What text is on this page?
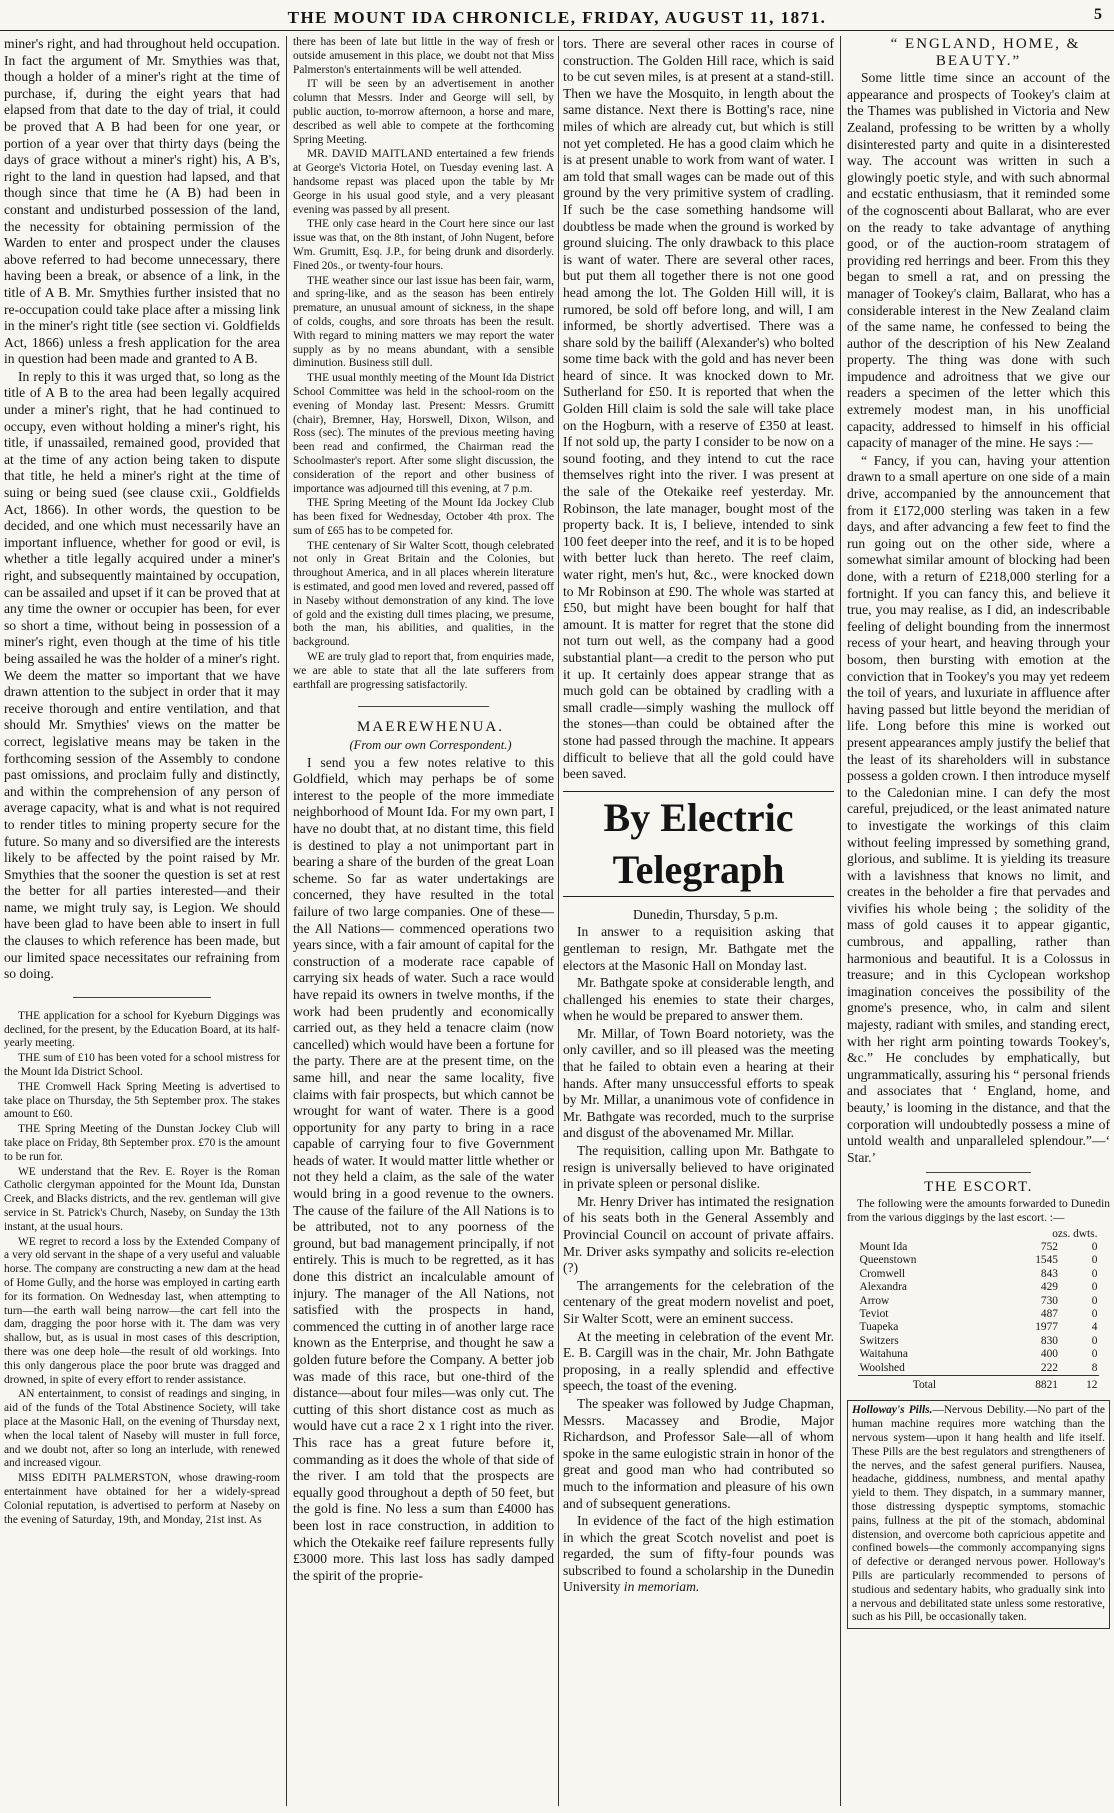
THE MOUNT IDA CHRONICLE, FRIDAY, AUGUST 11, 1871.	5

miner's right, and had throughout held occupation. In fact the argument of Mr. Smythies was that, though a holder of a miner's right at the time of purchase, if, during the eight years that had elapsed from that date to the day of trial, it could be proved that A B had been for one year, or portion of a year over that thirty days (being the days of grace without a miner's right) his, A B's, right to the land in question had lapsed, and that though since that time he (A B) had been in constant and undisturbed possession of the land, the necessity for obtaining permission of the Warden to enter and prospect under the clauses above referred to had become unnecessary, there having been a break, or absence of a link, in the title of A B. Mr. Smythies further insisted that no re-occupation could take place after a missing link in the miner's right title (see section vi. Goldfields Act, 1866) unless a fresh application for the area in question had been made and granted to A B.

In reply to this it was urged that, so long as the title of A B to the area had been legally acquired under a miner's right, that he had continued to occupy, even without holding a miner's right, his title, if unassailed, remained good, provided that at the time of any action being taken to dispute that title, he held a miner's right at the time of suing or being sued (see clause cxii., Goldfields Act, 1866). In other words, the question to be decided, and one which must necessarily have an important influence, whether for good or evil, is whether a title legally acquired under a miner's right, and subsequently maintained by occupation, can be assailed and upset if it can be proved that at any time the owner or occupier has been, for ever so short a time, without being in possession of a miner's right, even though at the time of his title being assailed he was the holder of a miner's right. We deem the matter so important that we have drawn attention to the subject in order that it may receive thorough and entire ventilation, and that should Mr. Smythies' views on the matter be correct, legislative means may be taken in the forthcoming session of the Assembly to condone past omissions, and proclaim fully and distinctly, and within the comprehension of any person of average capacity, what is and what is not required to render titles to mining property secure for the future. So many and so diversified are the interests likely to be affected by the point raised by Mr. Smythies that the sooner the question is set at rest the better for all parties interested—and their name, we might truly say, is Legion. We should have been glad to have been able to insert in full the clauses to which reference has been made, but our limited space necessitates our refraining from so doing.

THE application for a school for Kyeburn Diggings was declined, for the present, by the Education Board, at its half-yearly meeting.

THE sum of £10 has been voted for a school mistress for the Mount Ida District School.

THE Cromwell Hack Spring Meeting is advertised to take place on Thursday, the 5th September prox. The stakes amount to £60.

THE Spring Meeting of the Dunstan Jockey Club will take place on Friday, 8th September prox. £70 is the amount to be run for.

WE understand that the Rev. E. Royer is the Roman Catholic clergyman appointed for the Mount Ida, Dunstan Creek, and Blacks districts, and the rev. gentleman will give service in St. Patrick's Church, Naseby, on Sunday the 13th instant, at the usual hours.

WE regret to record a loss by the Extended Company of a very old servant in the shape of a very useful and valuable horse. The company are constructing a new dam at the head of Home Gully, and the horse was employed in carting earth for its formation. On Wednesday last, when attempting to turn—the earth wall being narrow—the cart fell into the dam, dragging the poor horse with it. The dam was very shallow, but, as is usual in most cases of this description, there was one deep hole—the result of old workings. Into this only dangerous place the poor brute was dragged and drowned, in spite of every effort to render assistance.

AN entertainment, to consist of readings and singing, in aid of the funds of the Total Abstinence Society, will take place at the Masonic Hall, on the evening of Thursday next, when the local talent of Naseby will muster in full force, and we doubt not, after so long an interlude, with renewed and increased vigour.

MISS EDITH PALMERSTON, whose drawing-room entertainment have obtained for her a widely-spread Colonial reputation, is advertised to perform at Naseby on the evening of Saturday, 19th, and Monday, 21st inst. As

there has been of late but little in the way of fresh or outside amusement in this place, we doubt not that Miss Palmerston's entertainments will be well attended.

IT will be seen by an advertisement in another column that Messrs. Inder and George will sell, by public auction, to-morrow afternoon, a horse and mare, described as well able to compete at the forthcoming Spring Meeting.

MR. DAVID MAITLAND entertained a few friends at George's Victoria Hotel, on Tuesday evening last. A handsome repast was placed upon the table by Mr George in his usual good style, and a very pleasant evening was passed by all present.

THE only case heard in the Court here since our last issue was that, on the 8th instant, of John Nugent, before Wm. Grumitt, Esq. J.P., for being drunk and disorderly. Fined 20s., or twenty-four hours.

THE weather since our last issue has been fair, warm, and spring-like, and as the season has been entirely premature, an unusual amount of sickness, in the shape of colds, coughs, and sore throats has been the result. With regard to mining matters we may report the water supply as by no means abundant, with a sensible diminution. Business still dull.

THE usual monthly meeting of the Mount Ida District School Committee was held in the school-room on the evening of Monday last. Present: Messrs. Grumitt (chair), Bremner, Hay, Horswell, Dixon, Wilson, and Ross (sec). The minutes of the previous meeting having been read and confirmed, the Chairman read the Schoolmaster's report. After some slight discussion, the consideration of the report and other business of importance was adjourned till this evening, at 7 p.m.

THE Spring Meeting of the Mount Ida Jockey Club has been fixed for Wednesday, October 4th prox. The sum of £65 has to be competed for.

THE centenary of Sir Walter Scott, though celebrated not only in Great Britain and the Colonies, but throughout America, and in all places wherein literature is estimated, and good men loved and revered, passed off in Naseby without demonstration of any kind. The love of gold and the existing dull times placing, we presume, both the man, his abilities, and qualities, in the background.

WE are truly glad to report that, from enquiries made, we are able to state that all the late sufferers from earthfall are progressing satisfactorily.

MAEREWHENUA.

(From our own Correspondent.)

I send you a few notes relative to this Goldfield, which may perhaps be of some interest to the people of the more immediate neighborhood of Mount Ida. For my own part, I have no doubt that, at no distant time, this field is destined to play a not unimportant part in bearing a share of the burden of the great Loan scheme. So far as water undertakings are concerned, they have resulted in the total failure of two large companies. One of these—the All Nations— commenced operations two years since, with a fair amount of capital for the construction of a moderate race capable of carrying six heads of water. Such a race would have repaid its owners in twelve months, if the work had been prudently and economically carried out, as they held a tenacre claim (now cancelled) which would have been a fortune for the party. There are at the present time, on the same hill, and near the same locality, five claims with fair prospects, but which cannot be wrought for want of water. There is a good opportunity for any party to bring in a race capable of carrying four to five Government heads of water. It would matter little whether or not they held a claim, as the sale of the water would bring in a good revenue to the owners. The cause of the failure of the All Nations is to be attributed, not to any poorness of the ground, but bad management principally, if not entirely. This is much to be regretted, as it has done this district an incalculable amount of injury. The manager of the All Nations, not satisfied with the prospects in hand, commenced the cutting in of another large race known as the Enterprise, and thought he saw a golden future before the Company. A better job was made of this race, but one-third of the distance—about four miles—was only cut. The cutting of this short distance cost as much as would have cut a race 2 x 1 right into the river. This race has a great future before it, commanding as it does the whole of that side of the river. I am told that the prospects are equally good throughout a depth of 50 feet, but the gold is fine. No less a sum than £4000 has been lost in race construction, in addition to which the Otekaike reef failure represents fully £3000 more. This last loss has sadly damped the spirit of the proprie-

tors. There are several other races in course of construction. The Golden Hill race, which is said to be cut seven miles, is at present at a stand-still. Then we have the Mosquito, in length about the same distance. Next there is Botting's race, nine miles of which are already cut, but which is still not yet completed. He has a good claim which he is at present unable to work from want of water. I am told that small wages can be made out of this ground by the very primitive system of cradling. If such be the case something handsome will doubtless be made when the ground is worked by ground sluicing. The only drawback to this place is want of water. There are several other races, but put them all together there is not one good head among the lot. The Golden Hill will, it is rumored, be sold off before long, and will, I am informed, be shortly advertised. There was a share sold by the bailiff (Alexander's) who bolted some time back with the gold and has never been heard of since. It was knocked down to Mr. Sutherland for £50. It is reported that when the Golden Hill claim is sold the sale will take place on the Hogburn, with a reserve of £350 at least. If not sold up, the party I consider to be now on a sound footing, and they intend to cut the race themselves right into the river. I was present at the sale of the Otekaike reef yesterday. Mr. Robinson, the late manager, bought most of the property back. It is, I believe, intended to sink 100 feet deeper into the reef, and it is to be hoped with better luck than hereto. The reef claim, water right, men's hut, &c., were knocked down to Mr Robinson at £90. The whole was started at £50, but might have been bought for half that amount. It is matter for regret that the stone did not turn out well, as the company had a good substantial plant—a credit to the person who put it up. It certainly does appear strange that as much gold can be obtained by cradling with a small cradle—simply washing the mullock off the stones—than could be obtained after the stone had passed through the machine. It appears difficult to believe that all the gold could have been saved.

By Electric Telegraph

Dunedin, Thursday, 5 p.m.

In answer to a requisition asking that gentleman to resign, Mr. Bathgate met the electors at the Masonic Hall on Monday last.

Mr. Bathgate spoke at considerable length, and challenged his enemies to state their charges, when he would be prepared to answer them.

Mr. Millar, of Town Board notoriety, was the only caviller, and so ill pleased was the meeting that he failed to obtain even a hearing at their hands. After many unsuccessful efforts to speak by Mr. Millar, a unanimous vote of confidence in Mr. Bathgate was recorded, much to the surprise and disgust of the abovenamed Mr. Millar.

The requisition, calling upon Mr. Bathgate to resign is universally believed to have originated in private spleen or personal dislike.

Mr. Henry Driver has intimated the resignation of his seats both in the General Assembly and Provincial Council on account of private affairs. Mr. Driver asks sympathy and solicits re-election (?)

The arrangements for the celebration of the centenary of the great modern novelist and poet, Sir Walter Scott, were an eminent success.

At the meeting in celebration of the event Mr. E. B. Cargill was in the chair, Mr. John Bathgate proposing, in a really splendid and effective speech, the toast of the evening.

The speaker was followed by Judge Chapman, Messrs. Macassey and Brodie, Major Richardson, and Professor Sale—all of whom spoke in the same eulogistic strain in honor of the great and good man who had contributed so much to the information and pleasure of his own and of subsequent generations.

In evidence of the fact of the high estimation in which the great Scotch novelist and poet is regarded, the sum of fifty-four pounds was subscribed to found a scholarship in the Dunedin University in memoriam.

“ ENGLAND, HOME, & BEAUTY.”

Some little time since an account of the appearance and prospects of Tookey's claim at the Thames was published in Victoria and New Zealand, professing to be written by a wholly disinterested party and quite in a disinterested way. The account was written in such a glowingly poetic style, and with such abnormal and ecstatic enthusiasm, that it reminded some of the cognoscenti about Ballarat, who are ever on the ready to take advantage of anything good, or of the auction-room stratagem of providing red herrings and beer. From this they began to smell a rat, and on pressing the manager of Tookey's claim, Ballarat, who has a considerable interest in the New Zealand claim of the same name, he confessed to being the author of the description of his New Zealand property. The thing was done with such impudence and adroitness that we give our readers a specimen of the letter which this extremely modest man, in his unofficial capacity, addressed to himself in his official capacity of manager of the mine. He says :—

“ Fancy, if you can, having your attention drawn to a small aperture on one side of a main drive, accompanied by the announcement that from it £172,000 sterling was taken in a few days, and after advancing a few feet to find the run going out on the other side, where a somewhat similar amount of blocking had been done, with a return of £218,000 sterling for a fortnight. If you can fancy this, and believe it true, you may realise, as I did, an indescribable feeling of delight bounding from the innermost recess of your heart, and heaving through your bosom, then bursting with emotion at the conviction that in Tookey's you may yet redeem the toil of years, and luxuriate in affluence after having passed but little beyond the meridian of life. Long before this mine is worked out present appearances amply justify the belief that the least of its shareholders will in substance possess a golden crown. I then introduce myself to the Caledonian mine. I can defy the most careful, prejudiced, or the least animated nature to investigate the workings of this claim without feeling impressed by something grand, glorious, and sublime. It is yielding its treasure with a lavishness that knows no limit, and creates in the beholder a fire that pervades and vivifies his whole being ; the solidity of the mass of gold causes it to appear gigantic, cumbrous, and appalling, rather than harmonious and beautiful. It is a Colossus in treasure; and in this Cyclopean workshop imagination conceives the possibility of the gnome's presence, who, in calm and silent majesty, radiant with smiles, and standing erect, with her right arm pointing towards Tookey's, &c.” He concludes by emphatically, but ungrammatically, assuring his “ personal friends and associates that ‘ England, home, and beauty,’ is looming in the distance, and that the corporation will undoubtedly possess a mine of untold wealth and unparalleled splendour.”—‘ Star.’

THE ESCORT.

The following were the amounts forwarded to Dunedin from the various diggings by the last escort. :—

	ozs. dwts.	
Mount Ida	752	0
Queenstown	1545	0
Cromwell	843	0
Alexandra	429	0
Arrow	730	0
Teviot	487	0
Tuapeka	1977	4
Switzers	830	0
Waitahuna	400	0
Woolshed	222	8
Total	8821	12
Holloway's Pills.—Nervous Debility.—No part of the human machine requires more watching than the nervous system—upon it hang health and life itself. These Pills are the best regulators and strengtheners of the nerves, and the safest general purifiers. Nausea, headache, giddiness, numbness, and mental apathy yield to them. They dispatch, in a summary manner, those distressing dyspeptic symptoms, stomachic pains, fullness at the pit of the stomach, abdominal distension, and overcome both capricious appetite and confined bowels—the commonly accompanying signs of defective or deranged nervous power. Holloway's Pills are particularly recommended to persons of studious and sedentary habits, who gradually sink into a nervous and debilitated state unless some restorative, such as his Pill, be occasionally taken.
